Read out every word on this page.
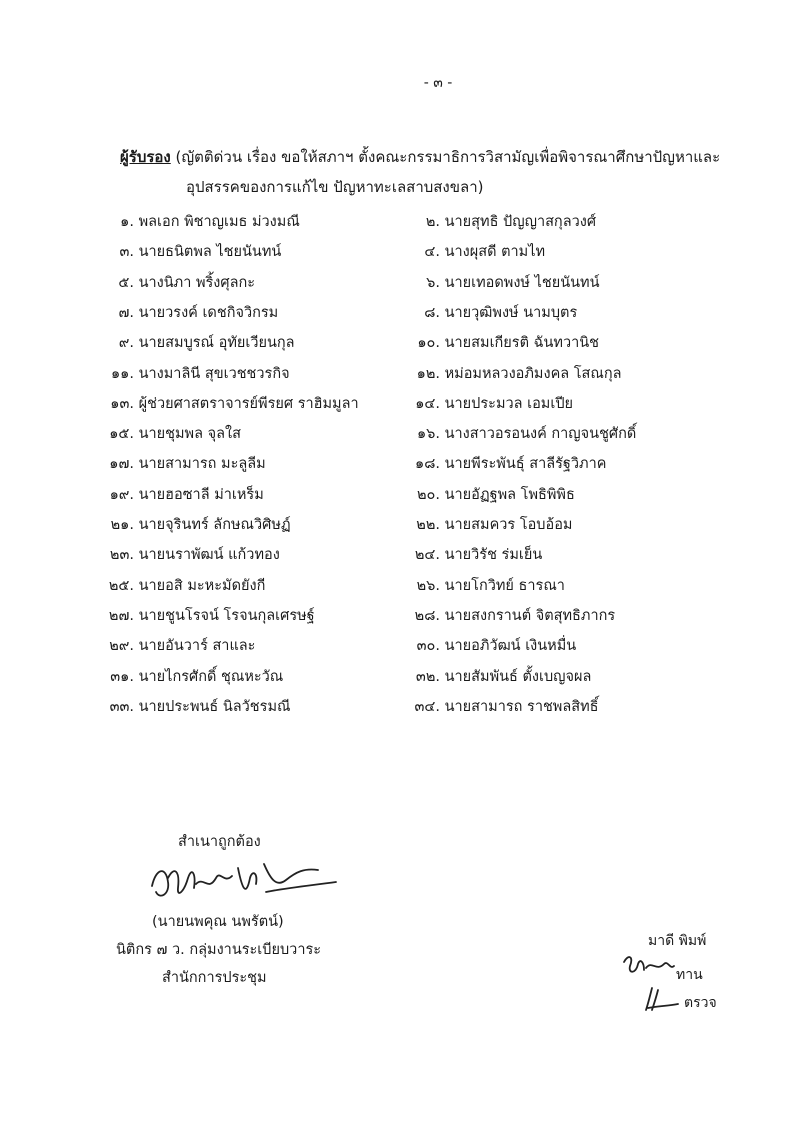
- ๓ -
ผู้รับรอง (ญัตติด่วน เรื่อง ขอให้สภาฯ ตั้งคณะกรรมาธิการวิสามัญเพื่อพิจารณาศึกษาปัญหาและ
อุปสรรคของการแก้ไข ปัญหาทะเลสาบสงขลา)
๑. พลเอก พิชาญเมธ ม่วงมณี	๒. นายสุทธิ ปัญญาสกุลวงศ์
๓. นายธนิตพล ไชยนันทน์	๔. นางผุสดี ตามไท
๕. นางนิภา พริ้งศุลกะ	๖. นายเทอดพงษ์ ไชยนันทน์
๗. นายวรงค์ เดชกิจวิกรม	๘. นายวุฒิพงษ์ นามบุตร
๙. นายสมบูรณ์ อุทัยเวียนกุล	๑๐. นายสมเกียรติ ฉันทวานิช
๑๑. นางมาลินี สุขเวชชวรกิจ	๑๒. หม่อมหลวงอภิมงคล โสณกุล
๑๓. ผู้ช่วยศาสตราจารย์พีรยศ ราฮิมมูลา	๑๔. นายประมวล เอมเปีย
๑๕. นายชุมพล จุลใส	๑๖. นางสาวอรอนงค์ กาญจนชูศักดิ์
๑๗. นายสามารถ มะลูลีม	๑๘. นายพีระพันธุ์ สาลีรัฐวิภาค
๑๙. นายฮอซาลี ม่าเหร็ม	๒๐. นายอัฏฐพล โพธิพิพิธ
๒๑. นายจุรินทร์ ลักษณวิศิษฏ์	๒๒. นายสมควร โอบอ้อม
๒๓. นายนราพัฒน์ แก้วทอง	๒๔. นายวิรัช ร่มเย็น
๒๕. นายอสิ มะหะมัดยังกี	๒๖. นายโกวิทย์ ธารณา
๒๗. นายชูนโรจน์ โรจนกุลเศรษฐ์	๒๘. นายสงกรานต์ จิตสุทธิภากร
๒๙. นายอันวาร์ สาและ	๓๐. นายอภิวัฒน์ เงินหมื่น
๓๑. นายไกรศักดิ์ ชุณหะวัณ	๓๒. นายสัมพันธ์ ตั้งเบญจผล
๓๓. นายประพนธ์ นิลวัชรมณี	๓๔. นายสามารถ ราชพลสิทธิ์
สำเนาถูกต้อง
(นายนพคุณ นพรัตน์)
นิติกร ๗ ว. กลุ่มงานระเบียบวาระ
สำนักการประชุม
มาดี พิมพ์
ทาน
ตรวจ
